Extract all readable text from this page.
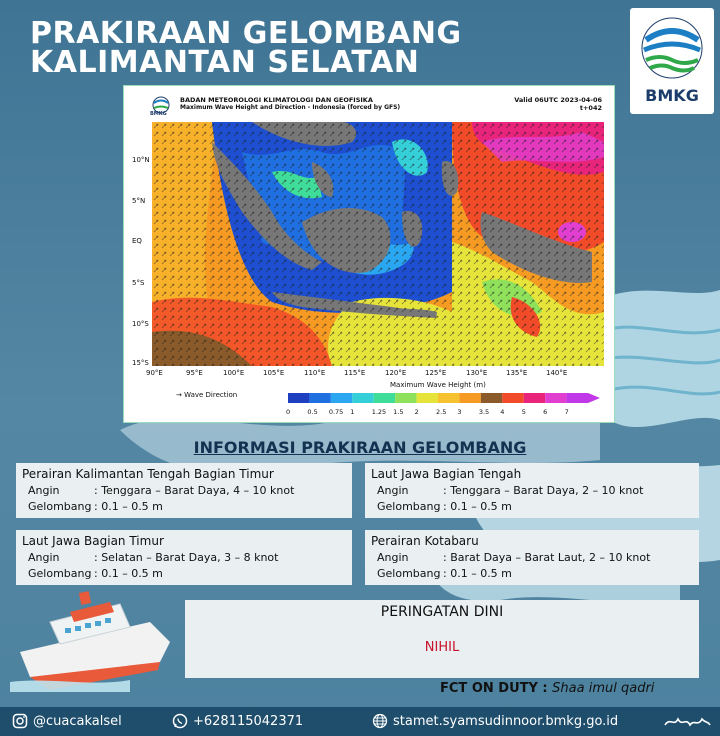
PRAKIRAAN GELOMBANG
KALIMANTAN SELATAN
BMKG
BMKG
BADAN METEOROLOGI KLIMATOLOGI DAN GEOFISIKA
Maximum Wave Height and Direction - Indonesia (forced by GFS)
Valid 06UTC 2023-04-06
t+042
10°N
5°N
EQ
5°S
10°S
15°S
90°E	95°E	100°E	105°E	110°E	115°E	120°E	125°E	130°E	135°E	140°E
→ Wave Direction
Maximum Wave Height (m)
0	0.5 0.75 1	1.25 1.5 2	2.5 3	3.5 4	5	6	7
INFORMASI PRAKIRAAN GELOMBANG
Perairan Kalimantan Tengah Bagian Timur
Angin	: Tenggara – Barat Daya, 4 – 10 knot
Gelombang : 0.1 – 0.5 m
Laut Jawa Bagian Tengah
Angin	: Tenggara – Barat Daya, 2 – 10 knot
Gelombang : 0.1 – 0.5 m
Laut Jawa Bagian Timur
Angin	: Selatan – Barat Daya, 3 – 8 knot
Gelombang : 0.1 – 0.5 m
Perairan Kotabaru
Angin	: Barat Daya – Barat Laut, 2 – 10 knot
Gelombang : 0.1 – 0.5 m
PERINGATAN DINI
NIHIL
FCT ON DUTY : Shaa imul qadri
@cuacakalsel	+628115042371	stamet.syamsudinnoor.bmkg.go.id
